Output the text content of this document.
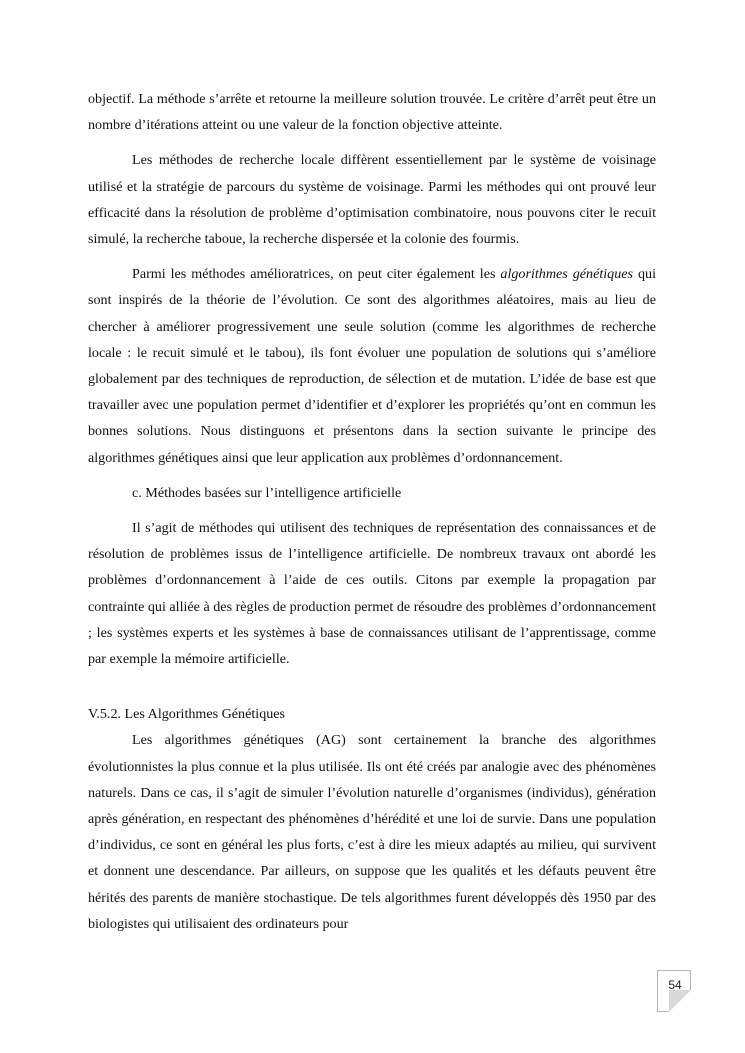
objectif. La méthode s’arrête et retourne la meilleure solution trouvée. Le critère d’arrêt peut être un nombre d’itérations atteint ou une valeur de la fonction objective atteinte.

Les méthodes de recherche locale diffèrent essentiellement par le système de voisinage utilisé et la stratégie de parcours du système de voisinage. Parmi les méthodes qui ont prouvé leur efficacité dans la résolution de problème d’optimisation combinatoire, nous pouvons citer le recuit simulé, la recherche taboue, la recherche dispersée et la colonie des fourmis.

Parmi les méthodes amélioratrices, on peut citer également les algorithmes génétiques qui sont inspirés de la théorie de l’évolution. Ce sont des algorithmes aléatoires, mais au lieu de chercher à améliorer progressivement une seule solution (comme les algorithmes de recherche locale : le recuit simulé et le tabou), ils font évoluer une population de solutions qui s’améliore globalement par des techniques de reproduction, de sélection et de mutation. L’idée de base est que travailler avec une population permet d’identifier et d’explorer les propriétés qu’ont en commun les bonnes solutions. Nous distinguons et présentons dans la section suivante le principe des algorithmes génétiques ainsi que leur application aux problèmes d’ordonnancement.

c. Méthodes basées sur l’intelligence artificielle

Il s’agit de méthodes qui utilisent des techniques de représentation des connaissances et de résolution de problèmes issus de l’intelligence artificielle. De nombreux travaux ont abordé les problèmes d’ordonnancement à l’aide de ces outils. Citons par exemple la propagation par contrainte qui alliée à des règles de production permet de résoudre des problèmes d’ordonnancement ; les systèmes experts et les systèmes à base de connaissances utilisant de l’apprentissage, comme par exemple la mémoire artificielle.

V.5.2. Les Algorithmes Génétiques

Les algorithmes génétiques (AG) sont certainement la branche des algorithmes évolutionnistes la plus connue et la plus utilisée. Ils ont été créés par analogie avec des phénomènes naturels. Dans ce cas, il s’agit de simuler l’évolution naturelle d’organismes (individus), génération après génération, en respectant des phénomènes d’hérédité et une loi de survie. Dans une population d’individus, ce sont en général les plus forts, c’est à dire les mieux adaptés au milieu, qui survivent et donnent une descendance. Par ailleurs, on suppose que les qualités et les défauts peuvent être hérités des parents de manière stochastique. De tels algorithmes furent développés dès 1950 par des biologistes qui utilisaient des ordinateurs pour

54
